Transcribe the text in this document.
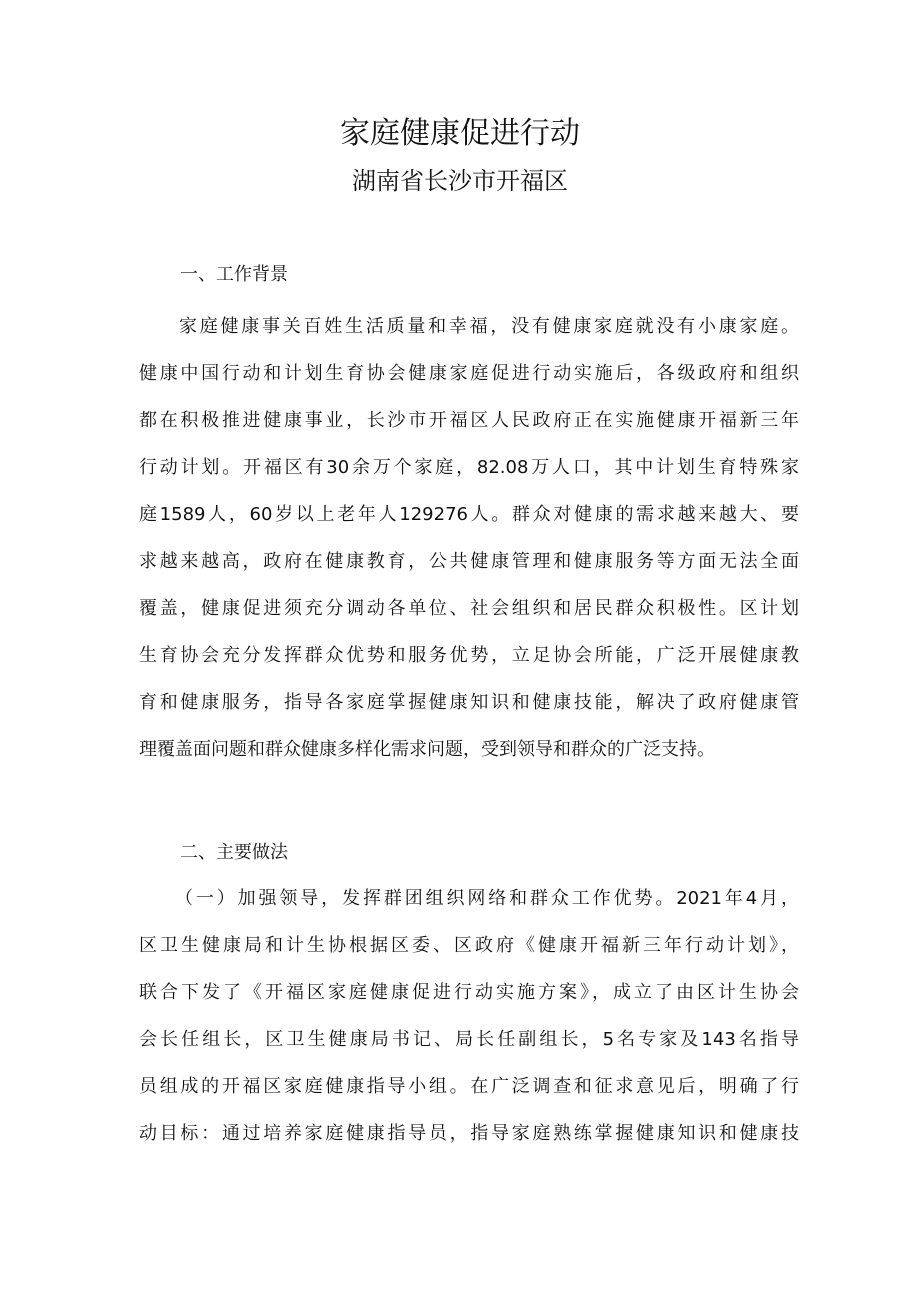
家庭健康促进行动
湖南省长沙市开福区
一、工作背景
家庭健康事关百姓生活质量和幸福，没有健康家庭就没有小康家庭。
健康中国行动和计划生育协会健康家庭促进行动实施后，各级政府和组织
都在积极推进健康事业，长沙市开福区人民政府正在实施健康开福新三年
行动计划。开福区有30余万个家庭，82.08万人口，其中计划生育特殊家
庭1589人，60岁以上老年人129276人。群众对健康的需求越来越大、要
求越来越高，政府在健康教育，公共健康管理和健康服务等方面无法全面
覆盖，健康促进须充分调动各单位、社会组织和居民群众积极性。区计划
生育协会充分发挥群众优势和服务优势，立足协会所能，广泛开展健康教
育和健康服务，指导各家庭掌握健康知识和健康技能，解决了政府健康管
理覆盖面问题和群众健康多样化需求问题，受到领导和群众的广泛支持。
二、主要做法
（一）加强领导，发挥群团组织网络和群众工作优势。2021年4月，
区卫生健康局和计生协根据区委、区政府《健康开福新三年行动计划》，
联合下发了《开福区家庭健康促进行动实施方案》，成立了由区计生协会
会长任组长，区卫生健康局书记、局长任副组长，5名专家及143名指导
员组成的开福区家庭健康指导小组。在广泛调查和征求意见后，明确了行
动目标：通过培养家庭健康指导员，指导家庭熟练掌握健康知识和健康技
